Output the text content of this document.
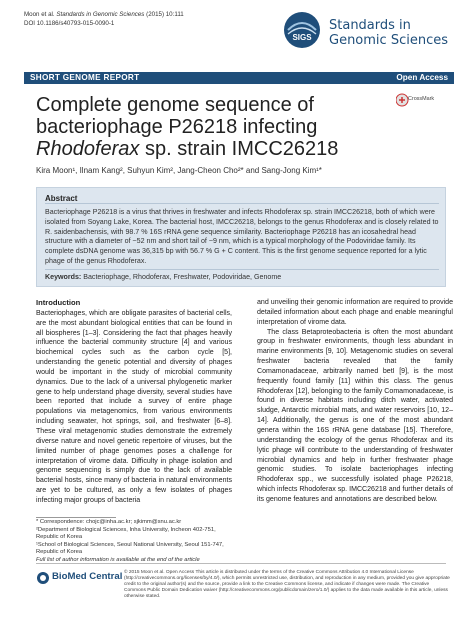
Moon et al. Standards in Genomic Sciences (2015) 10:111
DOI 10.1186/s40793-015-0090-1
SIGS
Standards in
Genomic Sciences
SHORT GENOME REPORT	Open Access
Complete genome sequence of
bacteriophage P26218 infecting
Rhodoferax sp. strain IMCC26218
CrossMark
Kira Moon¹, Ilnam Kang², Suhyun Kim², Jang-Cheon Cho²* and Sang-Jong Kim¹*
Abstract
Bacteriophage P26218 is a virus that thrives in freshwater and infects Rhodoferax sp. strain IMCC26218, both of which were isolated from Soyang Lake, Korea. The bacterial host, IMCC26218, belongs to the genus Rhodoferax and is closely related to R. saidenbachensis, with 98.7 % 16S rRNA gene sequence similarity. Bacteriophage P26218 has an icosahedral head structure with a diameter of ~52 nm and short tail of ~9 nm, which is a typical morphology of the Podoviridae family. Its complete dsDNA genome was 36,315 bp with 56.7 % G + C content. This is the first genome sequence reported for a lytic phage of the genus Rhodoferax.
Keywords: Bacteriophage, Rhodoferax, Freshwater, Podoviridae, Genome
Introduction

Bacteriophages, which are obligate parasites of bacterial cells, are the most abundant biological entities that can be found in all biospheres [1–3]. Considering the fact that phages heavily influence the bacterial community structure [4] and various biochemical cycles such as the carbon cycle [5], understanding the genetic potential and diversity of phages would be important in the study of microbial community dynamics. Due to the lack of a universal phylogenetic marker gene to help understand phage diversity, several studies have been reported that include a survey of entire phage populations via metagenomics, from various environments including seawater, hot springs, soil, and freshwater [6–8]. These viral metagenomic studies demonstrate the extremely diverse nature and novel genetic repertoire of viruses, but the limited number of phage genomes poses a challenge for interpretation of virome data. Difficulty in phage isolation and genome sequencing is simply due to the lack of available bacterial hosts, since many of bacteria in natural environments are yet to be cultured, as only a few isolates of phages infecting major groups of bacteria

and unveiling their genomic information are required to provide detailed information about each phage and enable meaningful interpretation of virome data.

The class Betaproteobacteria is often the most abundant group in freshwater environments, though less abundant in marine environments [9, 10]. Metagenomic studies on several freshwater bacteria revealed that the family Comamonadaceae, arbitrarily named betI [9], is the most frequently found family [11] within this class. The genus Rhodoferax [12], belonging to the family Comamonadaceae, is found in diverse habitats including ditch water, activated sludge, Antarctic microbial mats, and water reservoirs [10, 12–14]. Additionally, the genus is one of the most abundant genera within the 16S rRNA gene database [15]. Therefore, understanding the ecology of the genus Rhodoferax and its lytic phage will contribute to the understanding of freshwater microbial dynamics and help in further freshwater phage genomic studies. To isolate bacteriophages infecting Rhodoferax spp., we successfully isolated phage P26218, which infects Rhodoferax sp. IMCC26218 and further details of its genome features and annotations are described below.

* Correspondence: chojc@inha.ac.kr; sjkimm@snu.ac.kr
²Department of Biological Sciences, Inha University, Incheon 402-751, Republic of Korea
¹School of Biological Sciences, Seoul National University, Seoul 151-747, Republic of Korea
Full list of author information is available at the end of the article
BioMed Central © 2015 Moon et al. Open Access This article is distributed under the terms of the Creative Commons Attribution 4.0 International License (http://creativecommons.org/licenses/by/4.0/), which permits unrestricted use, distribution, and reproduction in any medium, provided you give appropriate credit to the original author(s) and the source, provide a link to the Creative Commons license, and indicate if changes were made. The Creative Commons Public Domain Dedication waiver (http://creativecommons.org/publicdomain/zero/1.0/) applies to the data made available in this article, unless otherwise stated.
